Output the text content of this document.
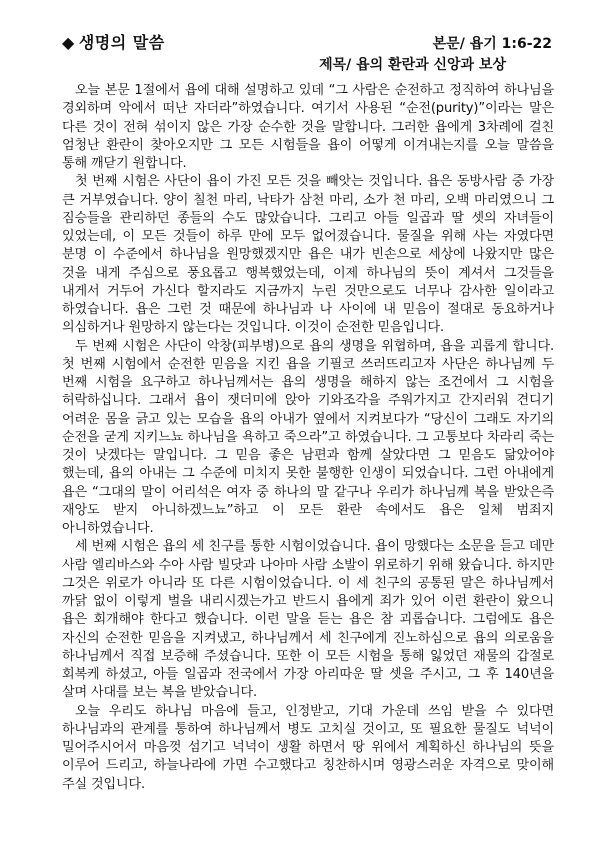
◆ 생명의 말씀	본문/ 욥기 1:6-22
제목/ 욥의 환란과 신앙과 보상

오늘 본문 1절에서 욥에 대해 설명하고 있데 “그 사람은 순전하고 정직하여 하나님을 경외하며 악에서 떠난 자더라”하였습니다. 여기서 사용된 “순전(purity)”이라는 말은 다른 것이 전혀 섞이지 않은 가장 순수한 것을 말합니다. 그러한 욥에게 3차례에 걸친 엄청난 환란이 찾아오지만 그 모든 시험들을 욥이 어떻게 이겨내는지를 오늘 말씀을 통해 깨닫기 원합니다.

첫 번째 시험은 사단이 욥이 가진 모든 것을 빼앗는 것입니다. 욥은 동방사람 중 가장 큰 거부였습니다. 양이 칠천 마리, 낙타가 삼천 마리, 소가 천 마리, 오백 마리였으니 그 짐승들을 관리하던 종들의 수도 많았습니다. 그리고 아들 일곱과 딸 셋의 자녀들이 있었는데, 이 모든 것들이 하루 만에 모두 없어졌습니다. 물질을 위해 사는 자였다면 분명 이 수준에서 하나님을 원망했겠지만 욥은 내가 빈손으로 세상에 나왔지만 많은 것을 내게 주심으로 풍요롭고 행복했었는데, 이제 하나님의 뜻이 계셔서 그것들을 내게서 거두어 가신다 할지라도 지금까지 누린 것만으로도 너무나 감사한 일이라고 하였습니다. 욥은 그런 것 때문에 하나님과 나 사이에 내 믿음이 절대로 동요하거나 의심하거나 원망하지 않는다는 것입니다. 이것이 순전한 믿음입니다.

두 번째 시험은 사단이 악창(피부병)으로 욥의 생명을 위협하며, 욥을 괴롭게 합니다. 첫 번째 시험에서 순전한 믿음을 지킨 욥을 기필코 쓰러뜨리고자 사단은 하나님께 두 번째 시험을 요구하고 하나님께서는 욥의 생명을 해하지 않는 조건에서 그 시험을 허락하십니다. 그래서 욥이 잿더미에 앉아 기와조각을 주워가지고 간지러워 견디기 어려운 몸을 긁고 있는 모습을 욥의 아내가 옆에서 지켜보다가 “당신이 그래도 자기의 순전을 굳게 지키느뇨 하나님을 욕하고 죽으라”고 하였습니다. 그 고통보다 차라리 죽는 것이 낫겠다는 말입니다. 그 믿음 좋은 남편과 함께 살았다면 그 믿음도 닮았어야 했는데, 욥의 아내는 그 수준에 미치지 못한 불행한 인생이 되었습니다. 그런 아내에게 욥은 “그대의 말이 어리석은 여자 중 하나의 말 같구나 우리가 하나님께 복을 받았은즉 재앙도 받지 아니하겠느뇨”하고 이 모든 환란 속에서도 욥은 일체 범죄지 아니하였습니다.

세 번째 시험은 욥의 세 친구를 통한 시험이었습니다. 욥이 망했다는 소문을 듣고 데만 사람 엘리바스와 수아 사람 빌닷과 나아마 사람 소발이 위로하기 위해 왔습니다. 하지만 그것은 위로가 아니라 또 다른 시험이었습니다. 이 세 친구의 공통된 말은 하나님께서 까닭 없이 이렇게 벌을 내리시겠는가고 반드시 욥에게 죄가 있어 이런 환란이 왔으니 욥은 회개해야 한다고 했습니다. 이런 말을 듣는 욥은 참 괴롭습니다. 그럼에도 욥은 자신의 순전한 믿음을 지켜냈고, 하나님께서 세 친구에게 진노하심으로 욥의 의로움을 하나님께서 직접 보증해 주셨습니다. 또한 이 모든 시험을 통해 잃었던 재물의 갑절로 회복케 하셨고, 아들 일곱과 전국에서 가장 아리따운 딸 셋을 주시고, 그 후 140년을 살며 사대를 보는 복을 받았습니다.

오늘 우리도 하나님 마음에 들고, 인정받고, 기대 가운데 쓰임 받을 수 있다면 하나님과의 관계를 통하여 하나님께서 병도 고치실 것이고, 또 필요한 물질도 넉넉이 밀어주시어서 마음껏 섬기고 넉넉이 생활 하면서 땅 위에서 계획하신 하나님의 뜻을 이루어 드리고, 하늘나라에 가면 수고했다고 칭찬하시며 영광스러운 자격으로 맞이해 주실 것입니다.
